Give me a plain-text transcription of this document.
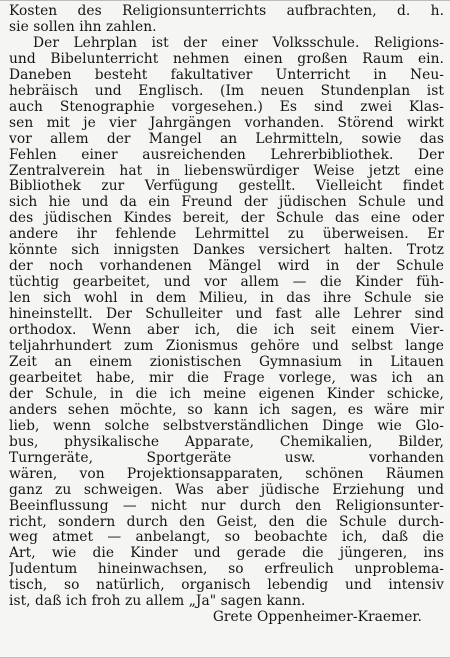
Kosten des Religionsunterrichts aufbrachten, d. h.
sie sollen ihn zahlen.
Der Lehrplan ist der einer Volksschule. Religions-
und Bibelunterricht nehmen einen großen Raum ein.
Daneben besteht fakultativer Unterricht in Neu-
hebräisch und Englisch. (Im neuen Stundenplan ist
auch Stenographie vorgesehen.) Es sind zwei Klas-
sen mit je vier Jahrgängen vorhanden. Störend wirkt
vor allem der Mangel an Lehrmitteln, sowie das
Fehlen einer ausreichenden Lehrerbibliothek. Der
Zentralverein hat in liebenswürdiger Weise jetzt eine
Bibliothek zur Verfügung gestellt. Vielleicht findet
sich hie und da ein Freund der jüdischen Schule und
des jüdischen Kindes bereit, der Schule das eine oder
andere ihr fehlende Lehrmittel zu überweisen. Er
könnte sich innigsten Dankes versichert halten. Trotz
der noch vorhandenen Mängel wird in der Schule
tüchtig gearbeitet, und vor allem — die Kinder füh-
len sich wohl in dem Milieu, in das ihre Schule sie
hineinstellt. Der Schulleiter und fast alle Lehrer sind
orthodox. Wenn aber ich, die ich seit einem Vier-
teljahrhundert zum Zionismus gehöre und selbst lange
Zeit an einem zionistischen Gymnasium in Litauen
gearbeitet habe, mir die Frage vorlege, was ich an
der Schule, in die ich meine eigenen Kinder schicke,
anders sehen möchte, so kann ich sagen, es wäre mir
lieb, wenn solche selbstverständlichen Dinge wie Glo-
bus, physikalische Apparate, Chemikalien, Bilder,
Turngeräte, Sportgeräte usw. vorhanden
wären, von Projektionsapparaten, schönen Räumen
ganz zu schweigen. Was aber jüdische Erziehung und
Beeinflussung — nicht nur durch den Religionsunter-
richt, sondern durch den Geist, den die Schule durch-
weg atmet — anbelangt, so beobachte ich, daß die
Art, wie die Kinder und gerade die jüngeren, ins
Judentum hineinwachsen, so erfreulich unproblema-
tisch, so natürlich, organisch lebendig und intensiv
ist, daß ich froh zu allem „Ja" sagen kann.
Grete Oppenheimer-Kraemer.
